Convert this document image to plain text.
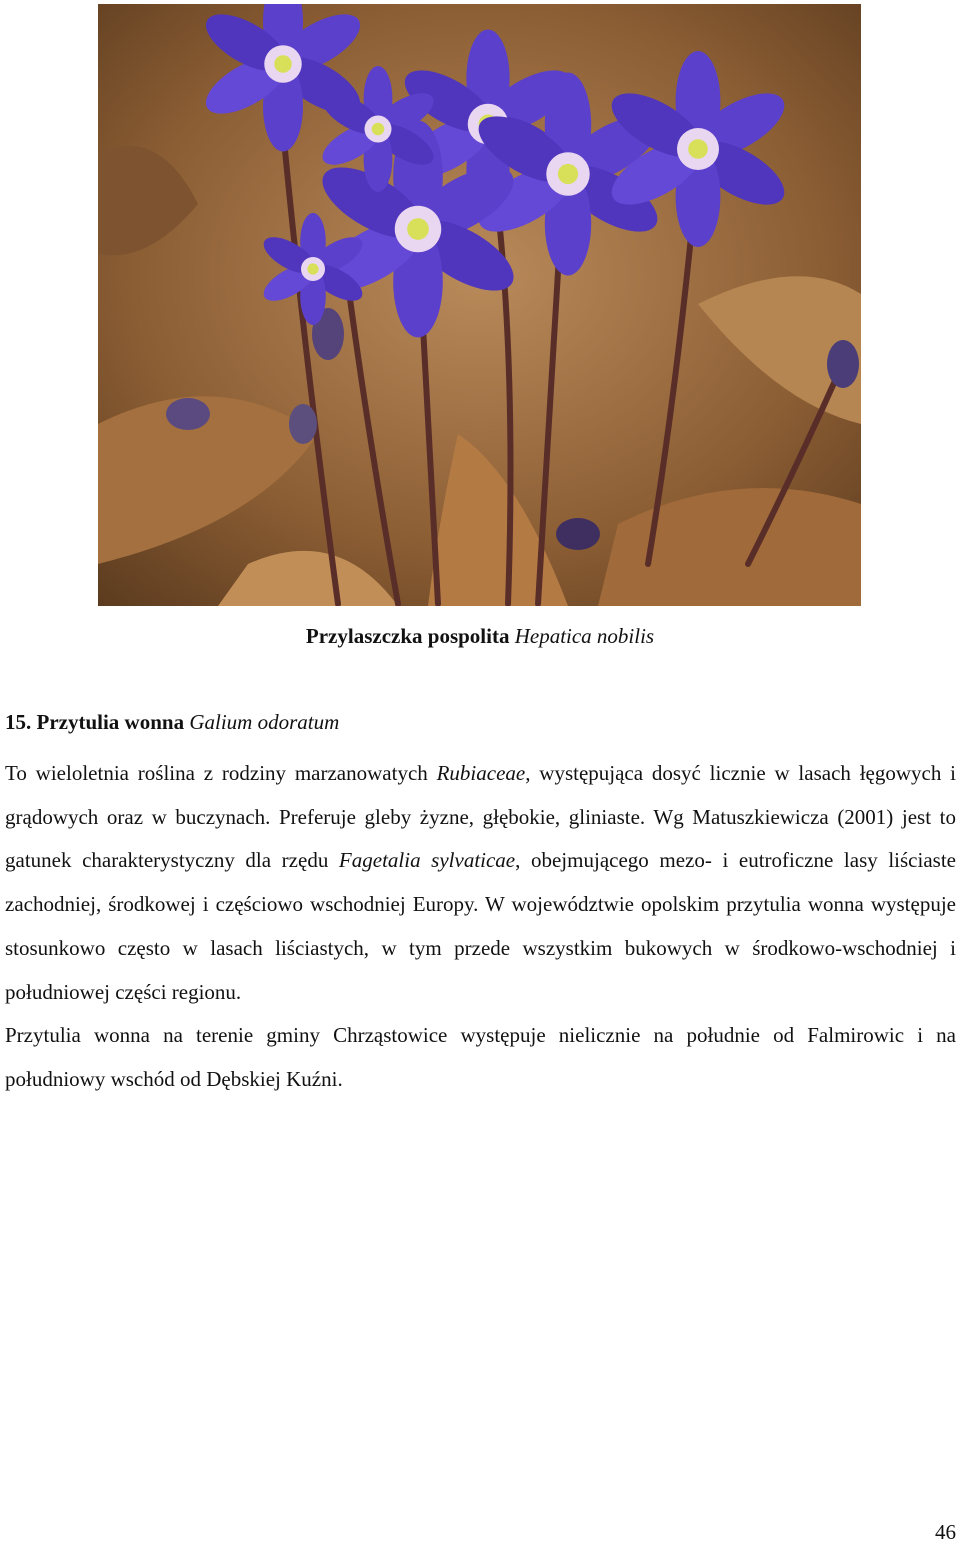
Przylaszczka pospolita Hepatica nobilis
15. Przytulia wonna Galium odoratum

To wieloletnia roślina z rodziny marzanowatych Rubiaceae, występująca dosyć licznie w lasach łęgowych i grądowych oraz w buczynach. Preferuje gleby żyzne, głębokie, gliniaste. Wg Matuszkiewicza (2001) jest to gatunek charakterystyczny dla rzędu Fagetalia sylvaticae, obejmującego mezo- i eutroficzne lasy liściaste zachodniej, środkowej i częściowo wschodniej Europy. W województwie opolskim przytulia wonna występuje stosunkowo często w lasach liściastych, w tym przede wszystkim bukowych w środkowo-wschodniej i południowej części regionu.

Przytulia wonna na terenie gminy Chrząstowice występuje nielicznie na południe od Falmirowic i na południowy wschód od Dębskiej Kuźni.

46
